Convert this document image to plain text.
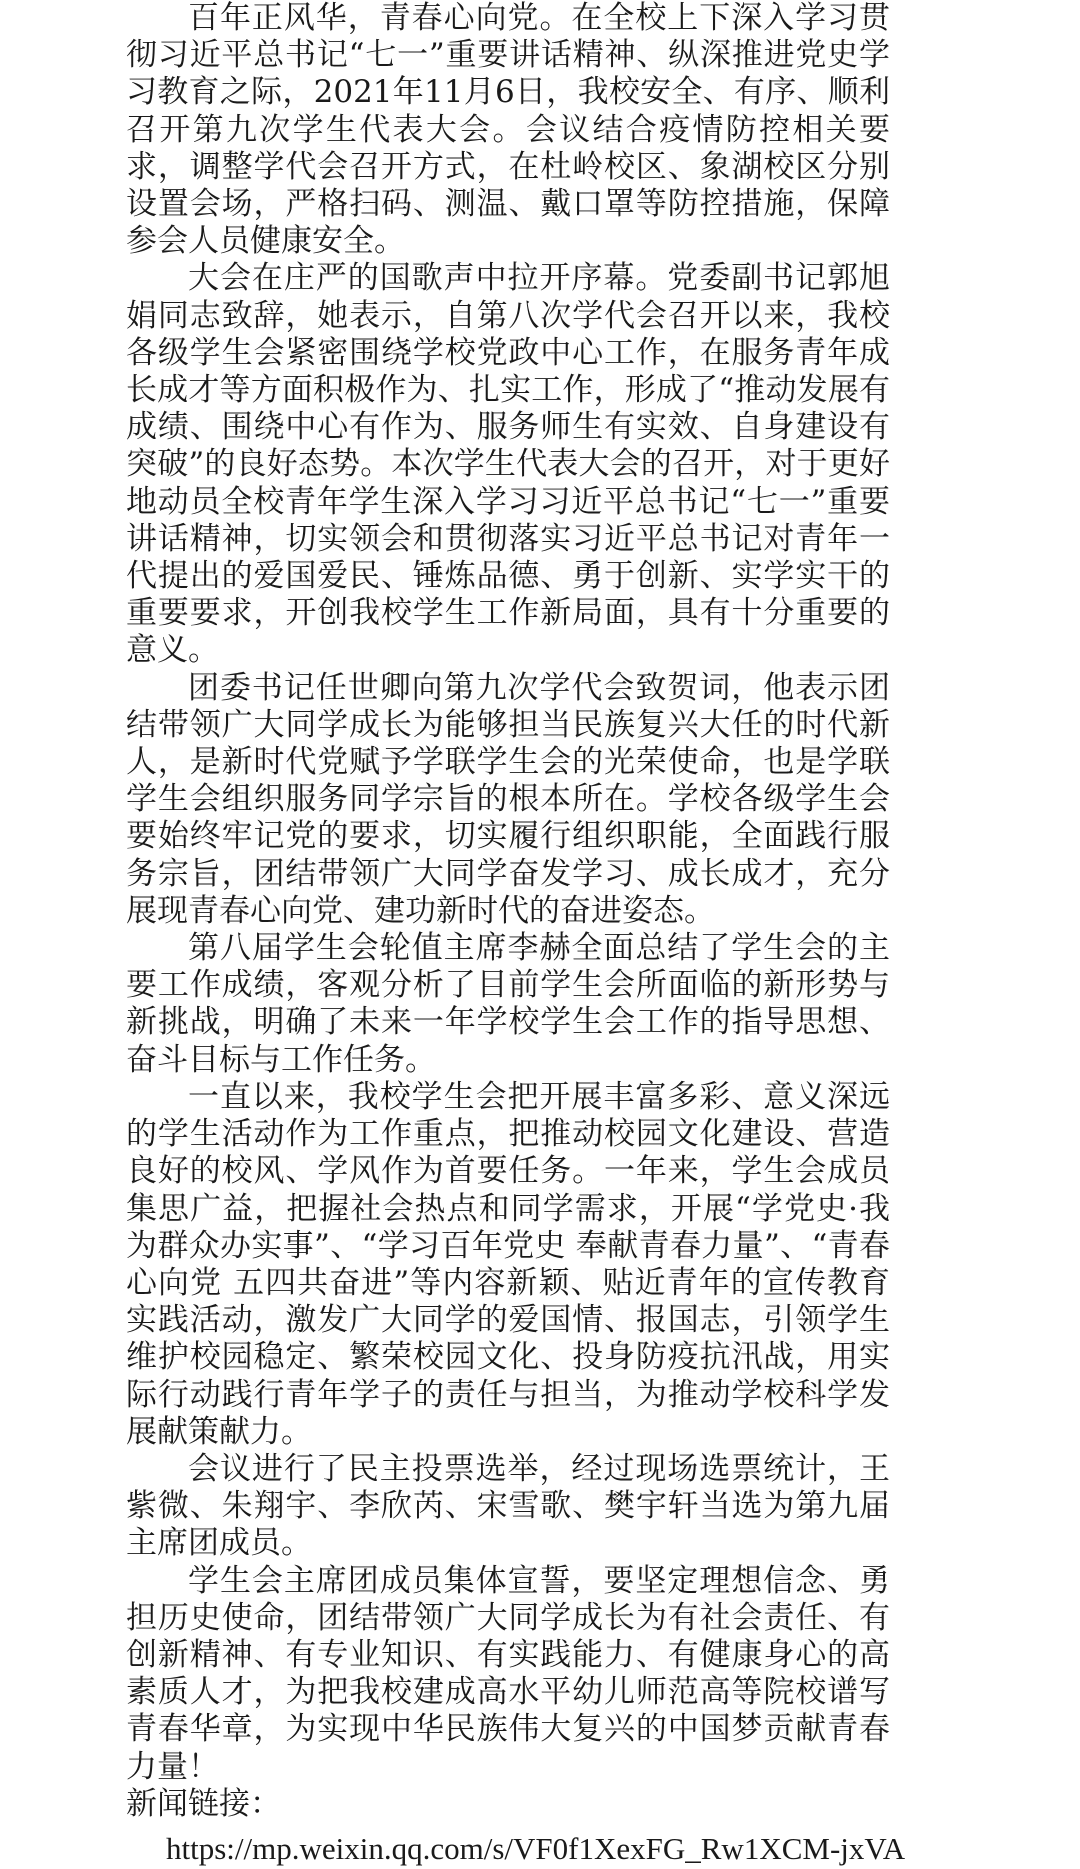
百年正风华，青春心向党。在全校上下深入学习贯彻习近平总书记“七一”重要讲话精神、纵深推进党史学习教育之际，2021年11月6日，我校安全、有序、顺利召开第九次学生代表大会。会议结合疫情防控相关要求，调整学代会召开方式，在杜岭校区、象湖校区分别设置会场，严格扫码、测温、戴口罩等防控措施，保障参会人员健康安全。

大会在庄严的国歌声中拉开序幕。党委副书记郭旭娟同志致辞，她表示，自第八次学代会召开以来，我校各级学生会紧密围绕学校党政中心工作，在服务青年成长成才等方面积极作为、扎实工作，形成了“推动发展有成绩、围绕中心有作为、服务师生有实效、自身建设有突破”的良好态势。本次学生代表大会的召开，对于更好地动员全校青年学生深入学习习近平总书记“七一”重要讲话精神，切实领会和贯彻落实习近平总书记对青年一代提出的爱国爱民、锤炼品德、勇于创新、实学实干的重要要求，开创我校学生工作新局面，具有十分重要的意义。

团委书记任世卿向第九次学代会致贺词，他表示团结带领广大同学成长为能够担当民族复兴大任的时代新人，是新时代党赋予学联学生会的光荣使命，也是学联学生会组织服务同学宗旨的根本所在。学校各级学生会要始终牢记党的要求，切实履行组织职能，全面践行服务宗旨，团结带领广大同学奋发学习、成长成才，充分展现青春心向党、建功新时代的奋进姿态。

第八届学生会轮值主席李赫全面总结了学生会的主要工作成绩，客观分析了目前学生会所面临的新形势与新挑战，明确了未来一年学校学生会工作的指导思想、奋斗目标与工作任务。

一直以来，我校学生会把开展丰富多彩、意义深远的学生活动作为工作重点，把推动校园文化建设、营造良好的校风、学风作为首要任务。一年来，学生会成员集思广益，把握社会热点和同学需求，开展“学党史·我为群众办实事”、“学习百年党史 奉献青春力量”、“青春心向党 五四共奋进”等内容新颖、贴近青年的宣传教育实践活动，激发广大同学的爱国情、报国志，引领学生维护校园稳定、繁荣校园文化、投身防疫抗汛战，用实际行动践行青年学子的责任与担当，为推动学校科学发展献策献力。

会议进行了民主投票选举，经过现场选票统计，王紫微、朱翔宇、李欣芮、宋雪歌、樊宇轩当选为第九届主席团成员。

学生会主席团成员集体宣誓，要坚定理想信念、勇担历史使命，团结带领广大同学成长为有社会责任、有创新精神、有专业知识、有实践能力、有健康身心的高素质人才，为把我校建成高水平幼儿师范高等院校谱写青春华章，为实现中华民族伟大复兴的中国梦贡献青春力量！

新闻链接：
https://mp.weixin.qq.com/s/VF0f1XexFG_Rw1XCM-jxVA
